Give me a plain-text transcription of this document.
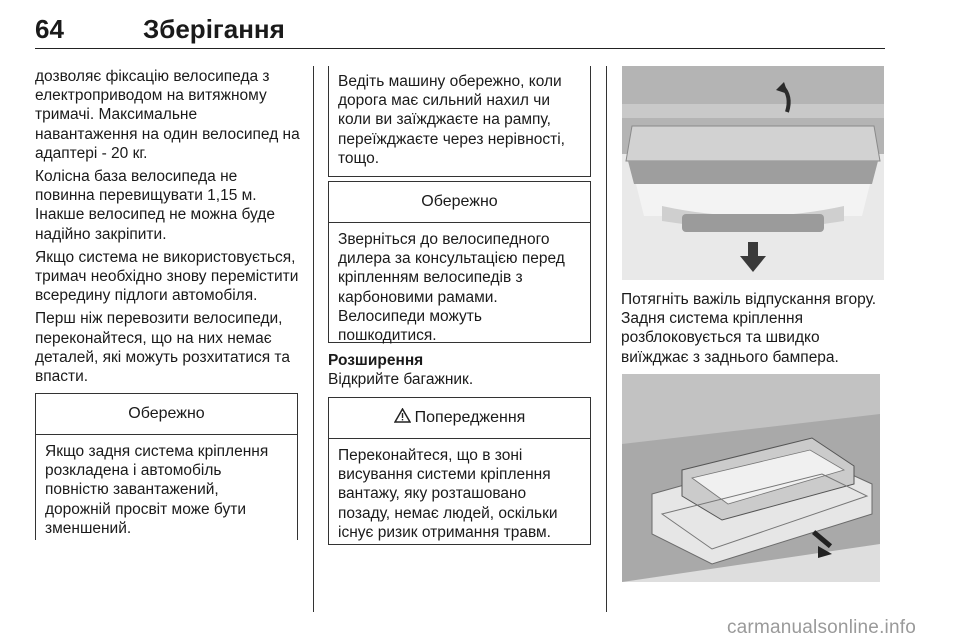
64	Зберігання

дозволяє фіксацію велосипеда з електроприводом на витяжному тримачі. Максимальне навантаження на один велосипед на адаптері - 20 кг.

Колісна база велосипеда не повинна перевищувати 1,15 м. Інакше велосипед не можна буде надійно закріпити.

Якщо система не використовується, тримач необхідно знову перемістити всередину підлоги автомобіля.

Перш ніж перевозити велосипеди, переконайтеся, що на них немає деталей, які можуть розхитатися та впасти.

Обережно
Якщо задня система кріплення розкладена і автомобіль повністю завантажений, дорожній просвіт може бути зменшений.
Ведіть машину обережно, коли дорога має сильний нахил чи коли ви заїжджаєте на рампу, переїжджаєте через нерівності, тощо.
Обережно
Зверніться до велосипедного дилера за консультацією перед кріпленням велосипедів з карбоновими рамами. Велосипеди можуть пошкодитися.
Розширення
Відкрийте багажник.
Попередження
Переконайтеся, що в зоні висування системи кріплення вантажу, яку розташовано позаду, немає людей, оскільки існує ризик отримання травм.
Потягніть важіль відпускання вгору. Задня система кріплення розблоковується та швидко виїжджає з заднього бампера.
carmanualsonline.info
